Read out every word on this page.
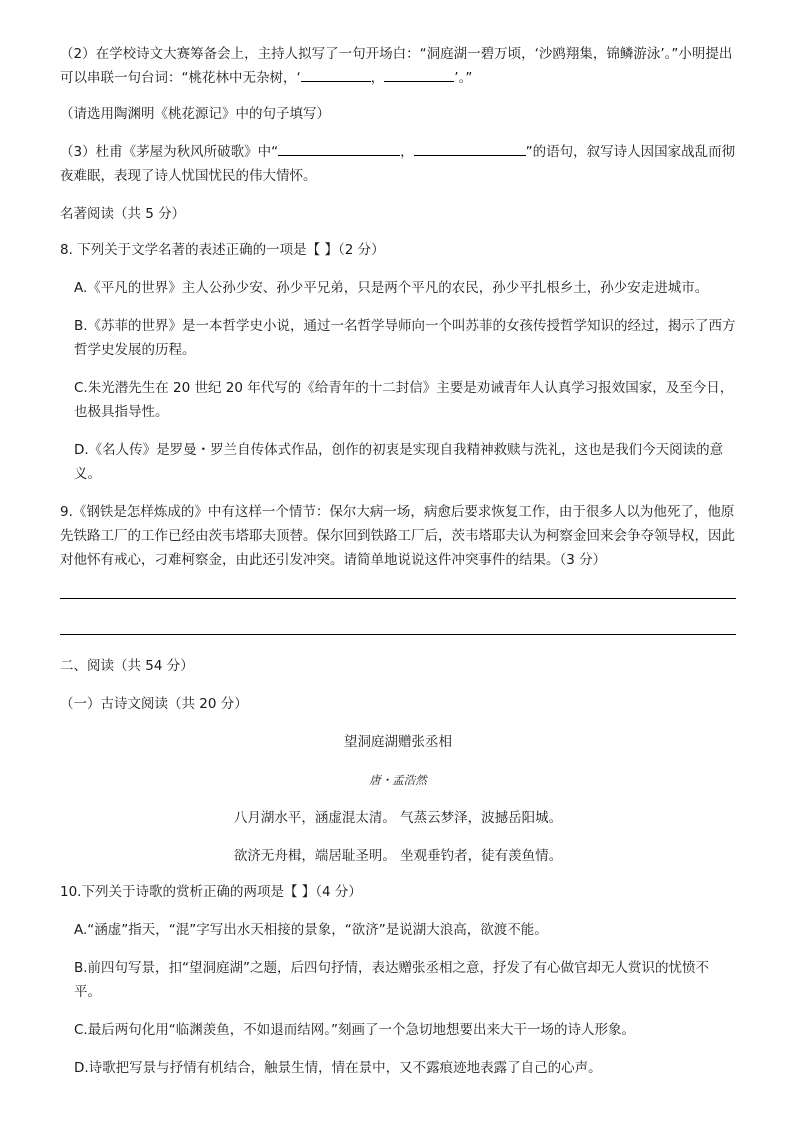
（2）在学校诗文大赛筹备会上，主持人拟写了一句开场白：“洞庭湖一碧万顷，‘沙鸥翔集，锦鳞游泳’。”小明提出可以串联一句台词：“桃花林中无杂树，‘	，	’。”

（请选用陶渊明《桃花源记》中的句子填写）

（3）杜甫《茅屋为秋风所破歌》中“	，	”的语句，叙写诗人因国家战乱而彻夜难眠，表现了诗人忧国忧民的伟大情怀。

名著阅读（共 5 分）

8. 下列关于文学名著的表述正确的一项是【 】（2 分）

A.《平凡的世界》主人公孙少安、孙少平兄弟，只是两个平凡的农民，孙少平扎根乡土，孙少安走进城市。

B.《苏菲的世界》是一本哲学史小说，通过一名哲学导师向一个叫苏菲的女孩传授哲学知识的经过，揭示了西方哲学史发展的历程。

C.朱光潜先生在 20 世纪 20 年代写的《给青年的十二封信》主要是劝诫青年人认真学习报效国家，及至今日，也极具指导性。

D.《名人传》是罗曼・罗兰自传体式作品，创作的初衷是实现自我精神救赎与洗礼，这也是我们今天阅读的意义。

9.《钢铁是怎样炼成的》中有这样一个情节：保尔大病一场，病愈后要求恢复工作，由于很多人以为他死了，他原先铁路工厂的工作已经由茨韦塔耶夫顶替。保尔回到铁路工厂后，茨韦塔耶夫认为柯察金回来会争夺领导权，因此对他怀有戒心，刁难柯察金，由此还引发冲突。请简单地说说这件冲突事件的结果。（3 分）

二、阅读（共 54 分）

（一）古诗文阅读（共 20 分）

望洞庭湖赠张丞相

唐・孟浩然

八月湖水平，涵虚混太清。 气蒸云梦泽，波撼岳阳城。

欲济无舟楫，端居耻圣明。 坐观垂钓者，徒有羡鱼情。

10.下列关于诗歌的赏析正确的两项是【 】（4 分）

A.“涵虚”指天，“混”字写出水天相接的景象，“欲济”是说湖大浪高，欲渡不能。

B.前四句写景，扣“望洞庭湖”之题，后四句抒情，表达赠张丞相之意，抒发了有心做官却无人赏识的忧愤不平。

C.最后两句化用“临渊羡鱼，不如退而结网。”刻画了一个急切地想要出来大干一场的诗人形象。

D.诗歌把写景与抒情有机结合，触景生情，情在景中，又不露痕迹地表露了自己的心声。
